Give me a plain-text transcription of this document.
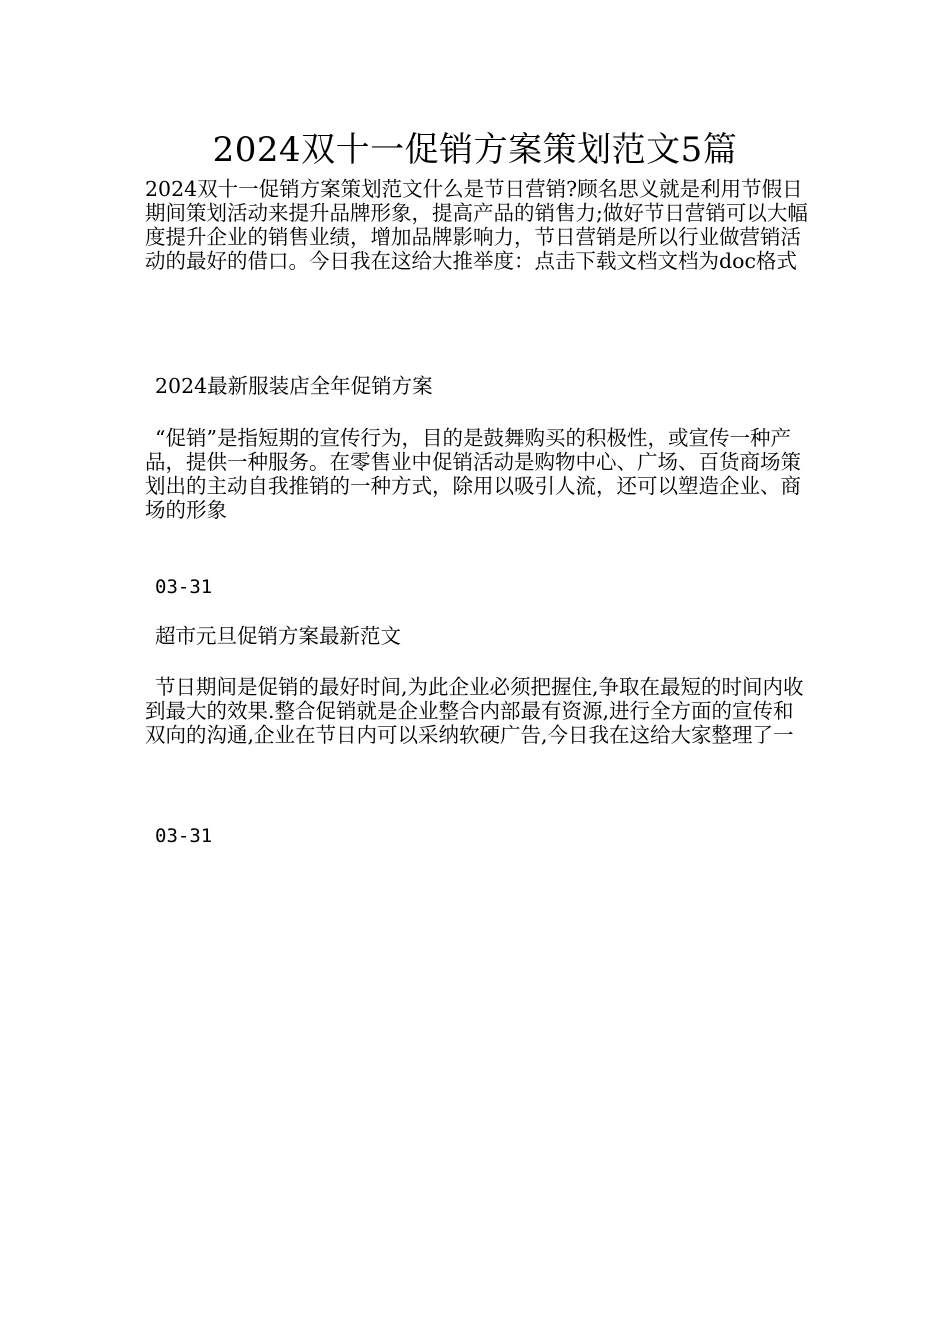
2024双十一促销方案策划范文5篇

2024双十一促销方案策划范文什么是节日营销?顾名思义就是利用节假日期间策划活动来提升品牌形象，提高产品的销售力;做好节日营销可以大幅度提升企业的销售业绩，增加品牌影响力，节日营销是所以行业做营销活动的最好的借口。今日我在这给大推举度：点击下载文档文档为doc格式

2024最新服装店全年促销方案

“促销”是指短期的宣传行为，目的是鼓舞购买的积极性，或宣传一种产品，提供一种服务。在零售业中促销活动是购物中心、广场、百货商场策划出的主动自我推销的一种方式，除用以吸引人流，还可以塑造企业、商场的形象

03-31
超市元旦促销方案最新范文

节日期间是促销的最好时间,为此企业必须把握住,争取在最短的时间内收到最大的效果.整合促销就是企业整合内部最有资源,进行全方面的宣传和双向的沟通,企业在节日内可以采纳软硬广告,今日我在这给大家整理了一

03-31
